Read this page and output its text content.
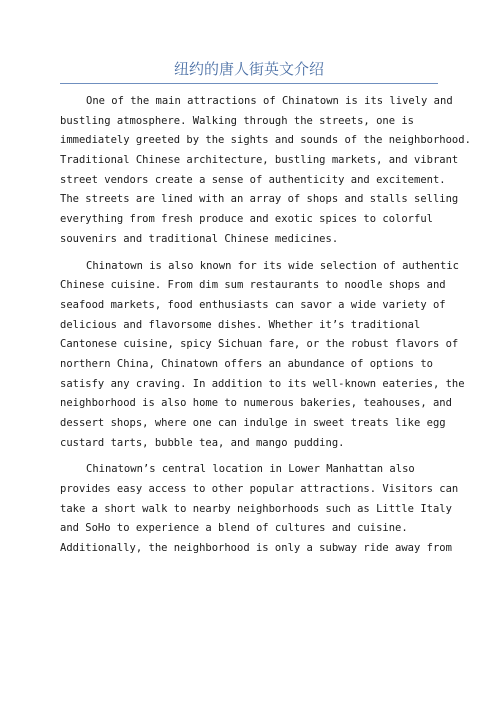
纽约的唐人街英文介绍
One of the main attractions of Chinatown is its lively and
bustling atmosphere. Walking through the streets, one is
immediately greeted by the sights and sounds of the neighborhood.
Traditional Chinese architecture, bustling markets, and vibrant
street vendors create a sense of authenticity and excitement.
The streets are lined with an array of shops and stalls selling
everything from fresh produce and exotic spices to colorful
souvenirs and traditional Chinese medicines.
Chinatown is also known for its wide selection of authentic
Chinese cuisine. From dim sum restaurants to noodle shops and
seafood markets, food enthusiasts can savor a wide variety of
delicious and flavorsome dishes. Whether it’s traditional
Cantonese cuisine, spicy Sichuan fare, or the robust flavors of
northern China, Chinatown offers an abundance of options to
satisfy any craving. In addition to its well-known eateries, the
neighborhood is also home to numerous bakeries, teahouses, and
dessert shops, where one can indulge in sweet treats like egg
custard tarts, bubble tea, and mango pudding.
Chinatown’s central location in Lower Manhattan also
provides easy access to other popular attractions. Visitors can
take a short walk to nearby neighborhoods such as Little Italy
and SoHo to experience a blend of cultures and cuisine.
Additionally, the neighborhood is only a subway ride away from
